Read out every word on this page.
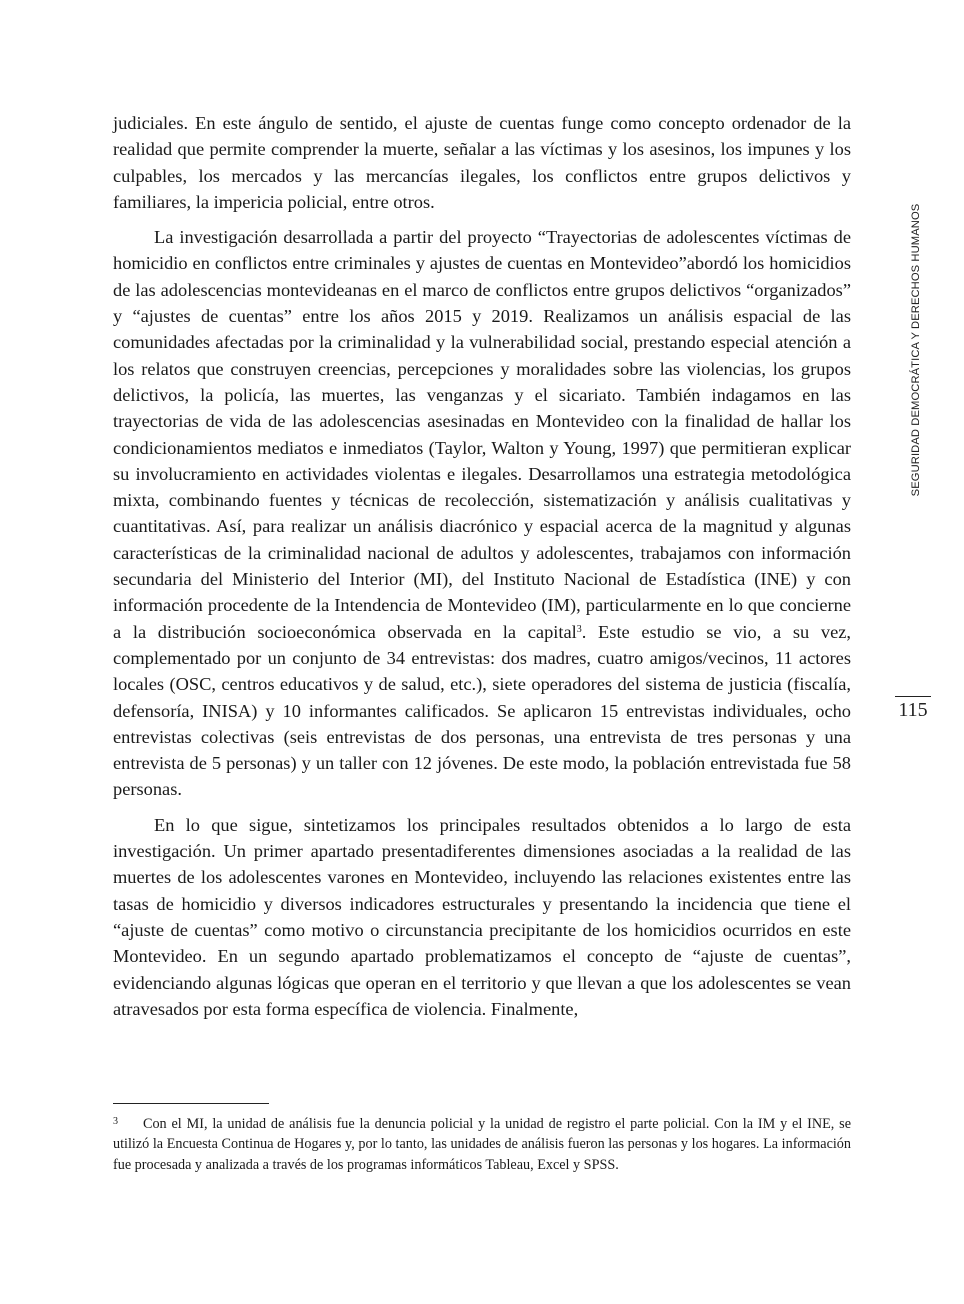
judiciales. En este ángulo de sentido, el ajuste de cuentas funge como concepto ordenador de la realidad que permite comprender la muerte, señalar a las víctimas y los asesinos, los impunes y los culpables, los mercados y las mercancías ilegales, los conflictos entre grupos delictivos y familiares, la impericia policial, entre otros.

La investigación desarrollada a partir del proyecto “Trayectorias de adolescentes víctimas de homicidio en conflictos entre criminales y ajustes de cuentas en Montevideo”abordó los homicidios de las adolescencias montevideanas en el marco de conflictos entre grupos delictivos “organizados” y “ajustes de cuentas” entre los años 2015 y 2019. Realizamos un análisis espacial de las comunidades afectadas por la criminalidad y la vulnerabilidad social, prestando especial atención a los relatos que construyen creencias, percepciones y moralidades sobre las violencias, los grupos delictivos, la policía, las muertes, las venganzas y el sicariato. También indagamos en las trayectorias de vida de las adolescencias asesinadas en Montevideo con la finalidad de hallar los condicionamientos mediatos e inmediatos (Taylor, Walton y Young, 1997) que permitieran explicar su involucramiento en actividades violentas e ilegales. Desarrollamos una estrategia metodológica mixta, combinando fuentes y técnicas de recolección, sistematización y análisis cualitativas y cuantitativas. Así, para realizar un análisis diacrónico y espacial acerca de la magnitud y algunas características de la criminalidad nacional de adultos y adolescentes, trabajamos con información secundaria del Ministerio del Interior (MI), del Instituto Nacional de Estadística (INE) y con información procedente de la Intendencia de Montevideo (IM), particularmente en lo que concierne a la distribución socioeconómica observada en la capital$^3$. Este estudio se vio, a su vez, complementado por un conjunto de 34 entrevistas: dos madres, cuatro amigos/vecinos, 11 actores locales (OSC, centros educativos y de salud, etc.), siete operadores del sistema de justicia (fiscalía, defensoría, INISA) y 10 informantes calificados. Se aplicaron 15 entrevistas individuales, ocho entrevistas colectivas (seis entrevistas de dos personas, una entrevista de tres personas y una entrevista de 5 personas) y un taller con 12 jóvenes. De este modo, la población entrevistada fue 58 personas.

En lo que sigue, sintetizamos los principales resultados obtenidos a lo largo de esta investigación. Un primer apartado presentadiferentes dimensiones asociadas a la realidad de las muertes de los adolescentes varones en Montevideo, incluyendo las relaciones existentes entre las tasas de homicidio y diversos indicadores estructurales y presentando la incidencia que tiene el “ajuste de cuentas” como motivo o circunstancia precipitante de los homicidios ocurridos en este Montevideo. En un segundo apartado problematizamos el concepto de “ajuste de cuentas”, evidenciando algunas lógicas que operan en el territorio y que llevan a que los adolescentes se vean atravesados por esta forma específica de violencia. Finalmente,

SEGURIDAD DEMOCRÁTICA Y DERECHOS HUMANOS
115
3 Con el MI, la unidad de análisis fue la denuncia policial y la unidad de registro el parte policial. Con la IM y el INE, se utilizó la Encuesta Continua de Hogares y, por lo tanto, las unidades de análisis fueron las personas y los hogares. La información fue procesada y analizada a través de los programas informáticos Tableau, Excel y SPSS.
